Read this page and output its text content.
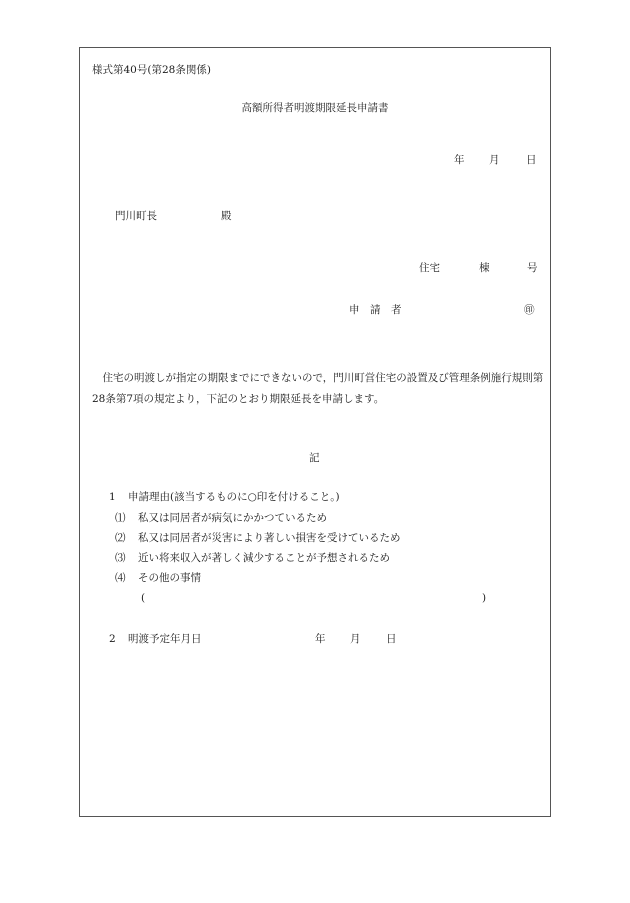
様式第40号(第28条関係)
高額所得者明渡期限延長申請書
年 月	日
門川町長	殿
住宅	棟	号
申　請　者	㊞
住宅の明渡しが指定の期限までにできないので，門川町営住宅の設置及び管理条例施行規則第28条第7項の規定より，下記のとおり期限延長を申請します。
記
1 申請理由(該当するものに○印を付けること。)
⑴ 私又は同居者が病気にかかつているため
⑵ 私又は同居者が災害により著しい損害を受けているため
⑶ 近い将来収入が著しく減少することが予想されるため
⑷ その他の事情
(	)
2 明渡予定年月日	年 月 日
